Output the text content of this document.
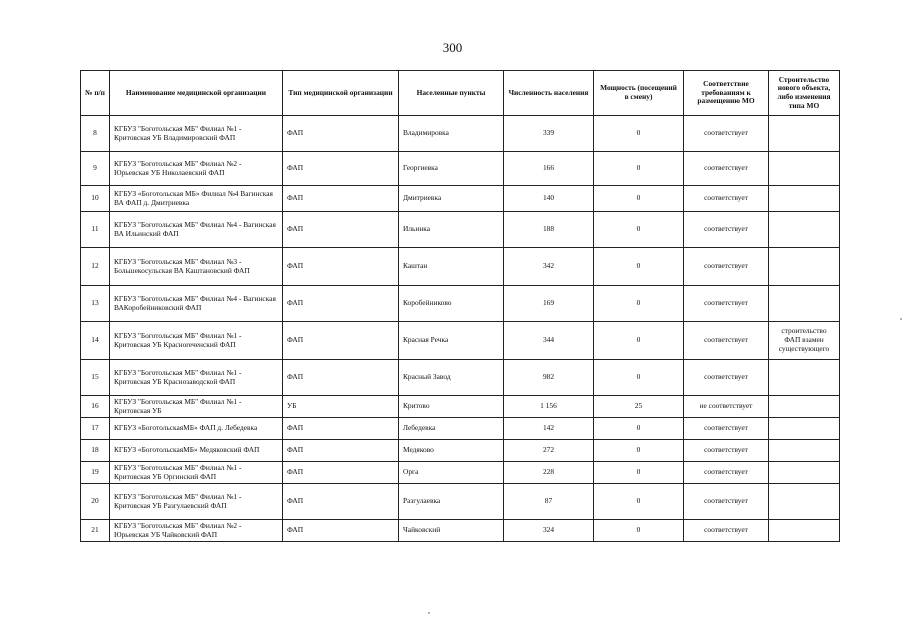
300
№ п/п	Наименование медицинской организации	Тип медицинской организации	Населенные пункты	Численность населения	Мощность (посещений в смену)	Соответствие требованиям к размещению МО	Строительство нового объекта, либо изменения типа МО
8	КГБУЗ "Боготольская МБ" Филиал №1 - Критовская УБ Владимировский ФАП	ФАП	Владимировка	339	0	соответствует	
9	КГБУЗ "Боготольская МБ" Филиал №2 - Юрьевская УБ Николаевский ФАП	ФАП	Георгиевка	166	0	соответствует	
10	КГБУЗ «Боготольская МБ» Филиал №4 Вагинская ВА ФАП д. Дмитриевка	ФАП	Дмитриевка	140	0	соответствует	
11	КГБУЗ "Боготольская МБ" Филиал №4 - Вагинская ВА Ильинский ФАП	ФАП	Ильинка	188	0	соответствует	
12	КГБУЗ "Боготольская МБ" Филиал №3 - Большекосульская ВА Каштановский ФАП	ФАП	Каштан	342	0	соответствует	
13	КГБУЗ "Боготольская МБ" Филиал №4 - Вагинская ВАКоробейниковский ФАП	ФАП	Коробейниково	169	0	соответствует	
14	КГБУЗ "Боготольская МБ" Филиал №1 - Критовская УБ Красноreченский ФАП	ФАП	Красная Речка	344	0	соответствует	строительство ФАП взамен существующего
15	КГБУЗ "Боготольская МБ" Филиал №1 - Критовская УБ Краснозаводской ФАП	ФАП	Красный Завод	982	0	соответствует	
16	КГБУЗ "Боготольская МБ" Филиал №1 - Критовская УБ	УБ	Критово	1 156	25	не соответствует	
17	КГБУЗ «БоготольскаяМБ» ФАП д. Лебедевка	ФАП	Лебедевка	142	0	соответствует	
18	КГБУЗ «БоготольскаяМБ» Медяковский ФАП	ФАП	Медяково	272	0	соответствует	
19	КГБУЗ "Боготольская МБ" Филиал №1 - Критовская УБ Оргинский ФАП	ФАП	Орга	228	0	соответствует	
20	КГБУЗ "Боготольская МБ" Филиал №1 - Критовская УБ Разгулаевский ФАП	ФАП	Разгулаевка	87	0	соответствует	
21	КГБУЗ "Боготольская МБ" Филиал №2 - Юрьевская УБ Чайковский ФАП	ФАП	Чайковский	324	0	соответствует	
